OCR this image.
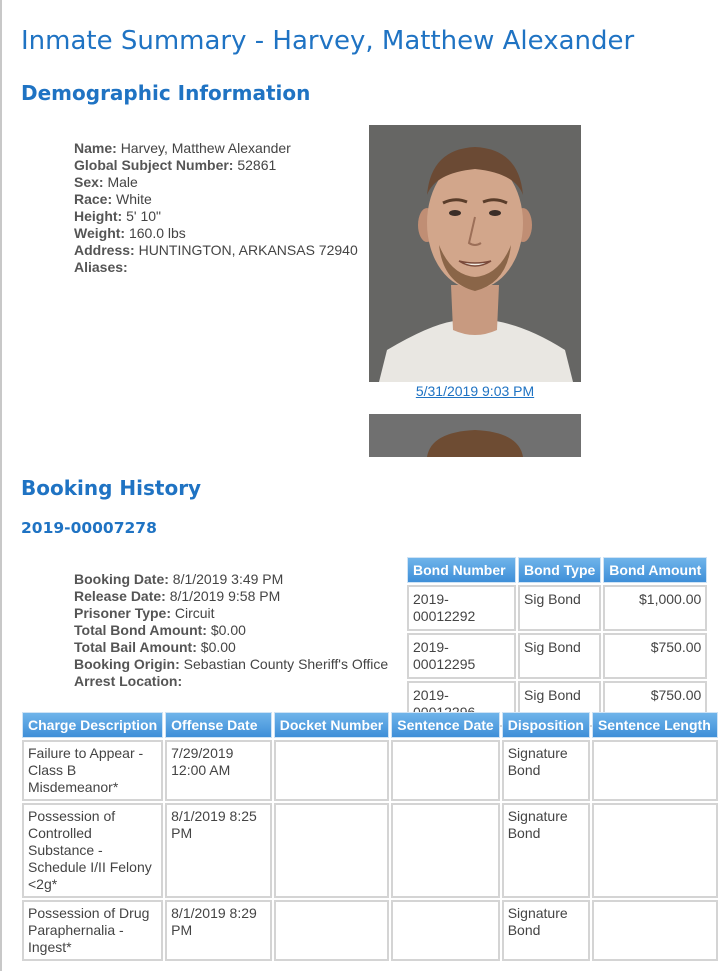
Inmate Summary - Harvey, Matthew Alexander
Demographic Information
Name: Harvey, Matthew Alexander
Global Subject Number: 52861
Sex: Male
Race: White
Height: 5' 10"
Weight: 160.0 lbs
Address: HUNTINGTON, ARKANSAS 72940
Aliases:
5/31/2019 9:03 PM
Booking History
2019-00007278
Booking Date: 8/1/2019 3:49 PM
Release Date: 8/1/2019 9:58 PM
Prisoner Type: Circuit
Total Bond Amount: $0.00
Total Bail Amount: $0.00
Booking Origin: Sebastian County Sheriff's Office
Arrest Location:
Bond Number	Bond Type	Bond Amount
2019-00012292	Sig Bond	$1,000.00
2019-00012295	Sig Bond	$750.00
2019-	Sig Bond	$750.00
Charge Description	Offense Date	Docket Number	Sentence Date	Disposition	Sentence Length
Failure to Appear - Class B Misdemeanor*	7/29/2019 12:00 AM			Signature Bond	
Possession of Controlled Substance - Schedule I/II Felony <2g*	8/1/2019 8:25 PM			Signature Bond	
Possession of Drug Paraphernalia - Ingest*	8/1/2019 8:29 PM			Signature Bond	
